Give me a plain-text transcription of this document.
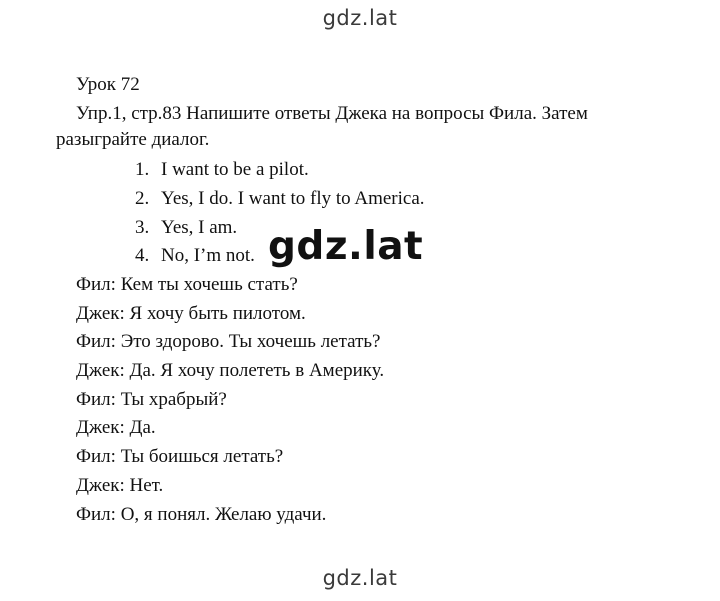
gdz.lat
Урок 72
Упр.1, стр.83 Напишите ответы Джека на вопросы Фила. Затем
разыграйте диалог.
1. I want to be a pilot.
2. Yes, I do. I want to fly to America.
3. Yes, I am.
4. No, I’m not.
Фил: Кем ты хочешь стать?
Джек: Я хочу быть пилотом.
Фил: Это здорово. Ты хочешь летать?
Джек: Да. Я хочу полететь в Америку.
Фил: Ты храбрый?
Джек: Да.
Фил: Ты боишься летать?
Джек: Нет.
Фил: О, я понял. Желаю удачи.
gdz.lat
gdz.lat
